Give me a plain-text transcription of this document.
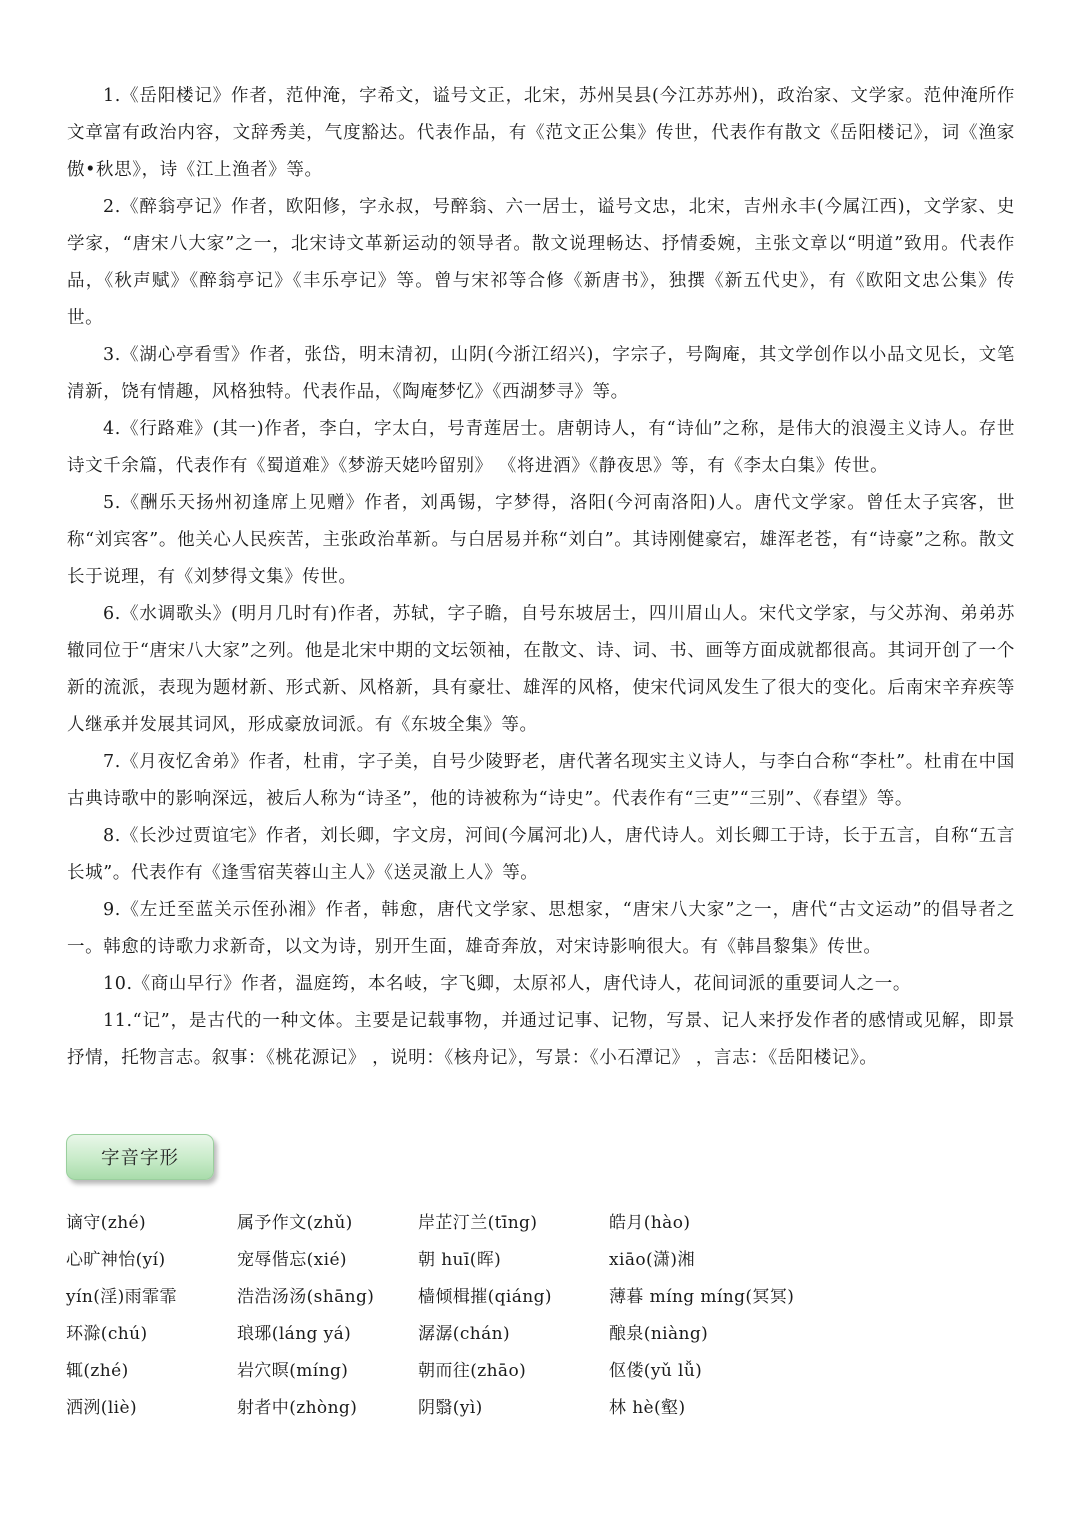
1.《岳阳楼记》作者，范仲淹，字希文，谥号文正，北宋，苏州吴县(今江苏苏州)，政治家、文学家。范仲淹所作文章富有政治内容，文辞秀美，气度豁达。代表作品，有《范文正公集》传世，代表作有散文《岳阳楼记》，词《渔家傲•秋思》，诗《江上渔者》等。

2.《醉翁亭记》作者，欧阳修，字永叔，号醉翁、六一居士，谥号文忠，北宋，吉州永丰(今属江西)，文学家、史学家，“唐宋八大家”之一，北宋诗文革新运动的领导者。散文说理畅达、抒情委婉，主张文章以“明道”致用。代表作品，《秋声赋》《醉翁亭记》《丰乐亭记》等。曾与宋祁等合修《新唐书》，独撰《新五代史》，有《欧阳文忠公集》传世。

3.《湖心亭看雪》作者，张岱，明末清初，山阴(今浙江绍兴)，字宗子，号陶庵，其文学创作以小品文见长，文笔清新，饶有情趣，风格独特。代表作品，《陶庵梦忆》《西湖梦寻》等。

4.《行路难》(其一)作者，李白，字太白，号青莲居士。唐朝诗人，有“诗仙”之称，是伟大的浪漫主义诗人。存世诗文千余篇，代表作有《蜀道难》《梦游天姥吟留别》 《将进酒》《静夜思》等，有《李太白集》传世。

5.《酬乐天扬州初逢席上见赠》作者，刘禹锡，字梦得，洛阳(今河南洛阳)人。唐代文学家。曾任太子宾客，世称“刘宾客”。他关心人民疾苦，主张政治革新。与白居易并称“刘白”。其诗刚健豪宕，雄浑老苍，有“诗豪”之称。散文长于说理，有《刘梦得文集》传世。

6.《水调歌头》(明月几时有)作者，苏轼，字子瞻，自号东坡居士，四川眉山人。宋代文学家，与父苏洵、弟弟苏辙同位于“唐宋八大家”之列。他是北宋中期的文坛领袖，在散文、诗、词、书、画等方面成就都很高。其词开创了一个新的流派，表现为题材新、形式新、风格新，具有豪壮、雄浑的风格，使宋代词风发生了很大的变化。后南宋辛弃疾等人继承并发展其词风，形成豪放词派。有《东坡全集》等。

7.《月夜忆舍弟》作者，杜甫，字子美，自号少陵野老，唐代著名现实主义诗人，与李白合称“李杜”。杜甫在中国古典诗歌中的影响深远，被后人称为“诗圣”，他的诗被称为“诗史”。代表作有“三吏”“三别”、《春望》等。

8.《长沙过贾谊宅》作者，刘长卿，字文房，河间(今属河北)人，唐代诗人。刘长卿工于诗，长于五言，自称“五言长城”。代表作有《逢雪宿芙蓉山主人》《送灵澈上人》等。

9.《左迁至蓝关示侄孙湘》作者，韩愈，唐代文学家、思想家，“唐宋八大家”之一，唐代“古文运动”的倡导者之一。韩愈的诗歌力求新奇，以文为诗，别开生面，雄奇奔放，对宋诗影响很大。有《韩昌黎集》传世。

10.《商山早行》作者，温庭筠，本名岐，字飞卿，太原祁人，唐代诗人，花间词派的重要词人之一。

11.“记”，是古代的一种文体。主要是记载事物，并通过记事、记物，写景、记人来抒发作者的感情或见解，即景抒情，托物言志。叙事：《桃花源记》 ，说明：《核舟记》，写景：《小石潭记》 ，言志：《岳阳楼记》。

字音字形
谪守(zhé)	属予作文(zhǔ)	岸芷汀兰(tīng)	皓月(hào)
心旷神怡(yí)	宠辱偕忘(xié)	朝 huī(晖)	xiāo(潇)湘
yín(淫)雨霏霏	浩浩汤汤(shāng)	樯倾楫摧(qiáng)	薄暮 míng míng(冥冥)
环滁(chú)	琅琊(láng yá)	潺潺(chán)	酿泉(niàng)
辄(zhé)	岩穴暝(míng)	朝而往(zhāo)	伛偻(yǔ lǚ)
洒洌(liè)	射者中(zhòng)	阴翳(yì)	林 hè(壑)
